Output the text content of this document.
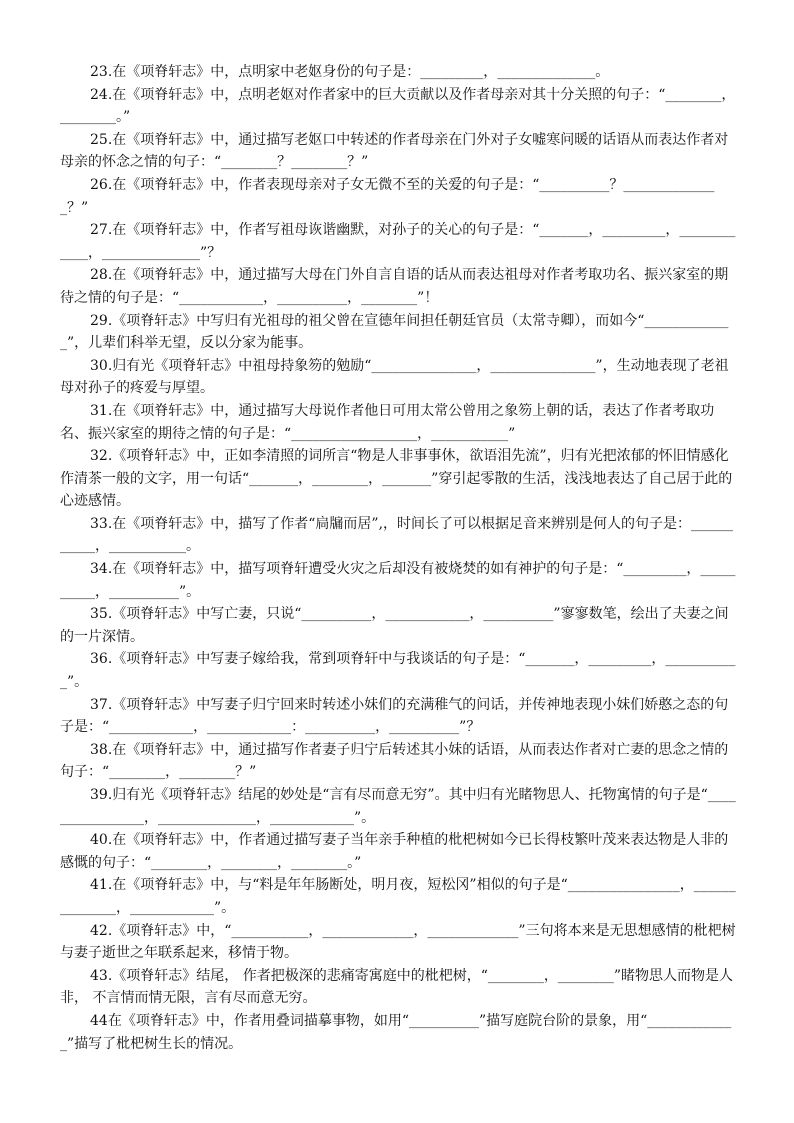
23.在《项脊轩志》中，点明家中老妪身份的句子是：_________，______________。

24.在《项脊轩志》中，点明老妪对作者家中的巨大贡献以及作者母亲对其十分关照的句子：“________，________。”

25.在《项脊轩志》中，通过描写老妪口中转述的作者母亲在门外对子女嘘寒问暖的话语从而表达作者对母亲的怀念之情的句子：“________？________？”

26.在《项脊轩志》中，作者表现母亲对子女无微不至的关爱的句子是：“__________？______________？”

27.在《项脊轩志》中，作者写祖母诙谐幽默，对孙子的关心的句子是：“_______，_________，____________，______________”？

28.在《项脊轩志》中，通过描写大母在门外自言自语的话从而表达祖母对作者考取功名、振兴家室的期待之情的句子是：“____________，__________，________”！

29.《项脊轩志》中写归有光祖母的祖父曾在宣德年间担任朝廷官员（太常寺卿），而如今“_____________”，儿辈们科举无望，反以分家为能事。

30.归有光《项脊轩志》中祖母持象笏的勉励“_______________，_______________”，生动地表现了老祖母对孙子的疼爱与厚望。

31.在《项脊轩志》中，通过描写大母说作者他日可用太常公曾用之象笏上朝的话，表达了作者考取功名、振兴家室的期待之情的句子是：“__________________，___________”

32.《项脊轩志》中，正如李清照的词所言“物是人非事事休，欲语泪先流”，归有光把浓郁的怀旧情感化作清茶一般的文字，用一句话“_______，________，_______”穿引起零散的生活，浅浅地表达了自己居于此的心迹感情。

33.在《项脊轩志》中，描写了作者“扃牖而居”,，时间长了可以根据足音来辨别是何人的句子是：___________，___________。

34.在《项脊轩志》中，描写项脊轩遭受火灾之后却没有被烧焚的如有神护的句子是：“_________，__________，__________”。

35.《项脊轩志》中写亡妻，只说“__________，____________，__________”寥寥数笔，绘出了夫妻之间的一片深情。

36.《项脊轩志》中写妻子嫁给我，常到项脊轩中与我谈话的句子是：“_______，_________，___________”。

37.《项脊轩志》中写妻子归宁回来时转述小妹们的充满稚气的问话，并传神地表现小妹们娇憨之态的句子是：“____________，____________：__________，__________”？

38.在《项脊轩志》中，通过描写作者妻子归宁后转述其小妹的话语，从而表达作者对亡妻的思念之情的句子：“________，________？”

39.归有光《项脊轩志》结尾的妙处是“言有尽而意无穷”。其中归有光睹物思人、托物寓情的句子是“________________，______________，____________”。

40.在《项脊轩志》中，作者通过描写妻子当年亲手种植的枇杷树如今已长得枝繁叶茂来表达物是人非的感慨的句子：“________，________，________。”

41.在《项脊轩志》中，与“料是年年肠断处，明月夜，短松冈”相似的句子是“________________，______________，____________”。

42.《项脊轩志》中，“___________，_____________，_____________”三句将本来是无思想感情的枇杷树与妻子逝世之年联系起来，移情于物。

43.《项脊轩志》结尾， 作者把极深的悲痛寄寓庭中的枇杷树，“________，________”睹物思人而物是人非， 不言情而情无限，言有尽而意无穷。

44在《项脊轩志》中，作者用叠词描摹事物，如用“__________”描写庭院台阶的景象，用“_____________”描写了枇杷树生长的情况。
